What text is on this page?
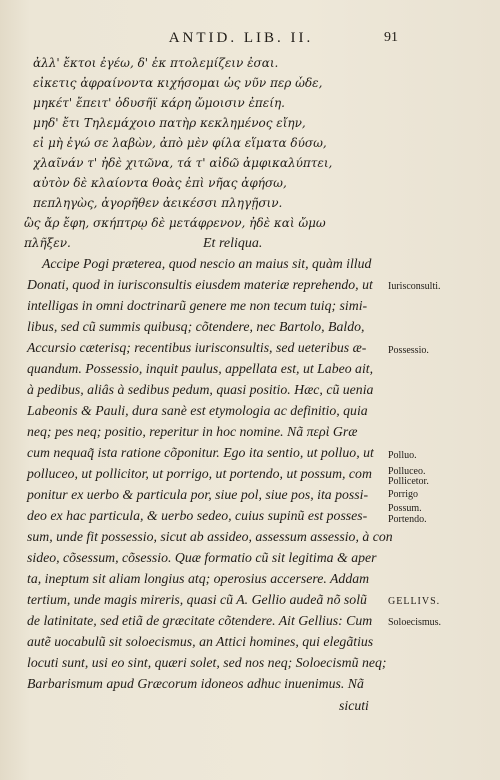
ANTID. LIB. II.	91
ἀλλ' ἔκτοι ἐγέω, δ' ἐκ πτολεμίζειν ἐσαι.
εἰκετις ἀφραίνοντα κιχήσομαι ὡς νῦν περ ὧδε,
μηκέτ' ἔπειτ' ὀδυσῆϊ κάρη ὤμοισιν ἐπείη.
μηδ' ἔτι Τηλεμάχοιο πατὴρ κεκλημένος εἴην,
εἰ μὴ ἐγώ σε λαβὼν, ἀπὸ μὲν φίλα εἵματα δύσω,
χλαῖνάν τ' ἠδὲ χιτῶνα, τά τ' αἰδῶ ἀμφικαλύπτει,
αὐτὸν δὲ κλαίοντα θοὰς ἐπὶ νῆας ἀφήσω,
πεπληγὼς, ἀγορῆθεν ἀεικέσσι πληγῇσιν.
ὣς ἄρ ἔφη, σκήπτρῳ δὲ μετάφρενον, ἠδὲ καὶ ὤμω
πλῆξεν.	Et reliqua.
Accipe Pogi præterea, quod nescio an maius sit, quàm illud
Donati, quod in iurisconsultis eiusdem materiæ reprehendo, ut
intelligas in omni doctrinarũ genere me non tecum tuiq; simi-
libus, sed cũ summis quibusq; cõtendere, nec Bartolo, Baldo,
Accursio cæterisq; recentibus iurisconsultis, sed ueteribus æ-
quandum. Possessio, inquit paulus, appellata est, ut Labeo ait,
à pedibus, aliâs à sedibus pedum, quasi positio. Hæc, cũ uenia
Labeonis & Pauli, dura sanè est etymologia ac definitio, quia
neq; pes neq; positio, reperitur in hoc nomine. Nã περὶ Græ
cum nequaq̃ ista ratione cõponitur. Ego ita sentio, ut polluo, ut
polluceo, ut pollicitor, ut porrigo, ut portendo, ut possum, com
ponitur ex uerbo & particula por, siue pol, siue pos, ita possi-
deo ex hac particula, & uerbo sedeo, cuius supinũ est posses-
sum, unde fit possessio, sicut ab assideo, assessum assessio, à con
sideo, cõsessum, cõsessio. Quæ formatio cũ sit legitima & aper
ta, ineptum sit aliam longius atq; operosius accersere. Addam
tertium, unde magis mireris, quasi cũ A. Gellio audeã nõ solũ
de latinitate, sed etiã de græcitate cõtendere. Ait Gellius: Cum
autẽ uocabulũ sit soloecismus, an Attici homines, qui elegãtius
locuti sunt, usi eo sint, quæri solet, sed nos neq; Soloecismũ neq;
Barbarismum apud Græcorum idoneos adhuc inuenimus. Nã
sicuti
Iurisconsulti.
Possessio.
Polluo.
Polluceo.
Pollicetor.
Porrigo
Possum.
Portendo.
GELLIVS.
Soloecismus.
